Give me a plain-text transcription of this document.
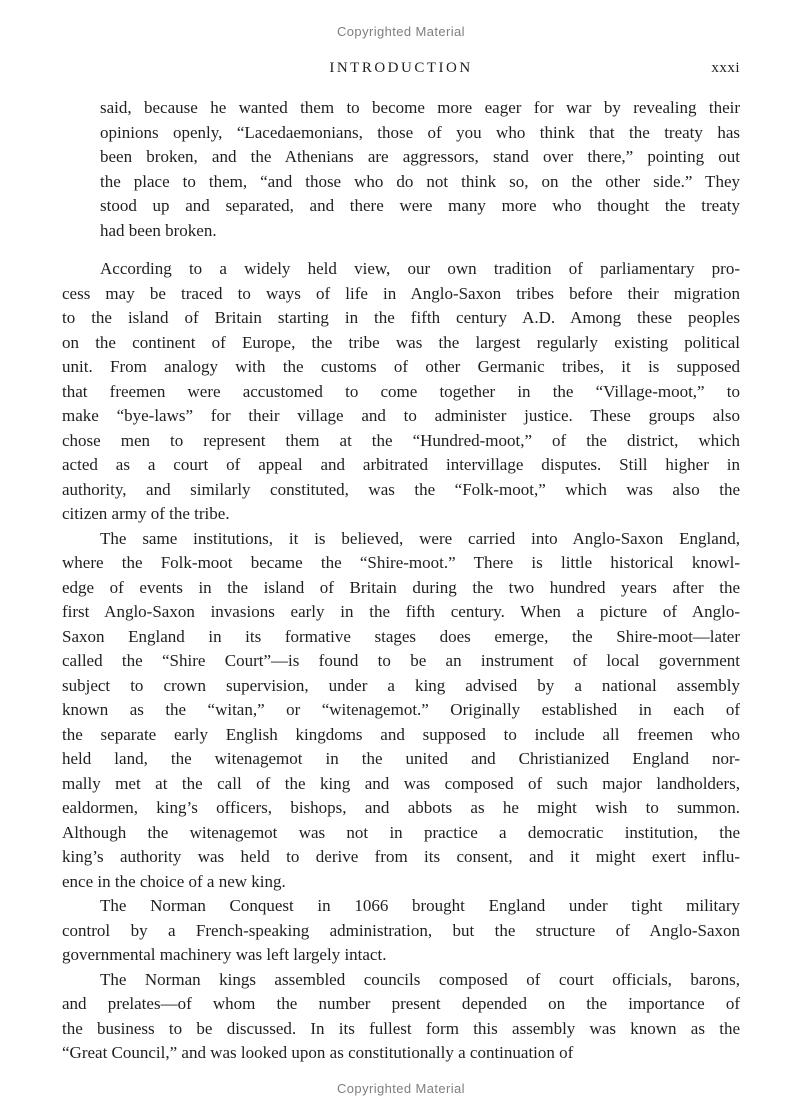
Copyrighted Material
INTRODUCTION	xxxi
said, because he wanted them to become more eager for war by revealing their
opinions openly, “Lacedaemonians, those of you who think that the treaty has
been broken, and the Athenians are aggressors, stand over there,” pointing out
the place to them, “and those who do not think so, on the other side.” They
stood up and separated, and there were many more who thought the treaty
had been broken.
According to a widely held view, our own tradition of parliamentary pro-
cess may be traced to ways of life in Anglo-Saxon tribes before their migration
to the island of Britain starting in the fifth century A.D. Among these peoples
on the continent of Europe, the tribe was the largest regularly existing political
unit. From analogy with the customs of other Germanic tribes, it is supposed
that freemen were accustomed to come together in the “Village-moot,” to
make “bye-laws” for their village and to administer justice. These groups also
chose men to represent them at the “Hundred-moot,” of the district, which
acted as a court of appeal and arbitrated intervillage disputes. Still higher in
authority, and similarly constituted, was the “Folk-moot,” which was also the
citizen army of the tribe.
The same institutions, it is believed, were carried into Anglo-Saxon England,
where the Folk-moot became the “Shire-moot.” There is little historical knowl-
edge of events in the island of Britain during the two hundred years after the
first Anglo-Saxon invasions early in the fifth century. When a picture of Anglo-
Saxon England in its formative stages does emerge, the Shire-moot—later
called the “Shire Court”—is found to be an instrument of local government
subject to crown supervision, under a king advised by a national assembly
known as the “witan,” or “witenagemot.” Originally established in each of
the separate early English kingdoms and supposed to include all freemen who
held land, the witenagemot in the united and Christianized England nor-
mally met at the call of the king and was composed of such major landholders,
ealdormen, king’s officers, bishops, and abbots as he might wish to summon.
Although the witenagemot was not in practice a democratic institution, the
king’s authority was held to derive from its consent, and it might exert influ-
ence in the choice of a new king.
The Norman Conquest in 1066 brought England under tight military
control by a French-speaking administration, but the structure of Anglo-Saxon
governmental machinery was left largely intact.
The Norman kings assembled councils composed of court officials, barons,
and prelates—of whom the number present depended on the importance of
the business to be discussed. In its fullest form this assembly was known as the
“Great Council,” and was looked upon as constitutionally a continuation of
Copyrighted Material
